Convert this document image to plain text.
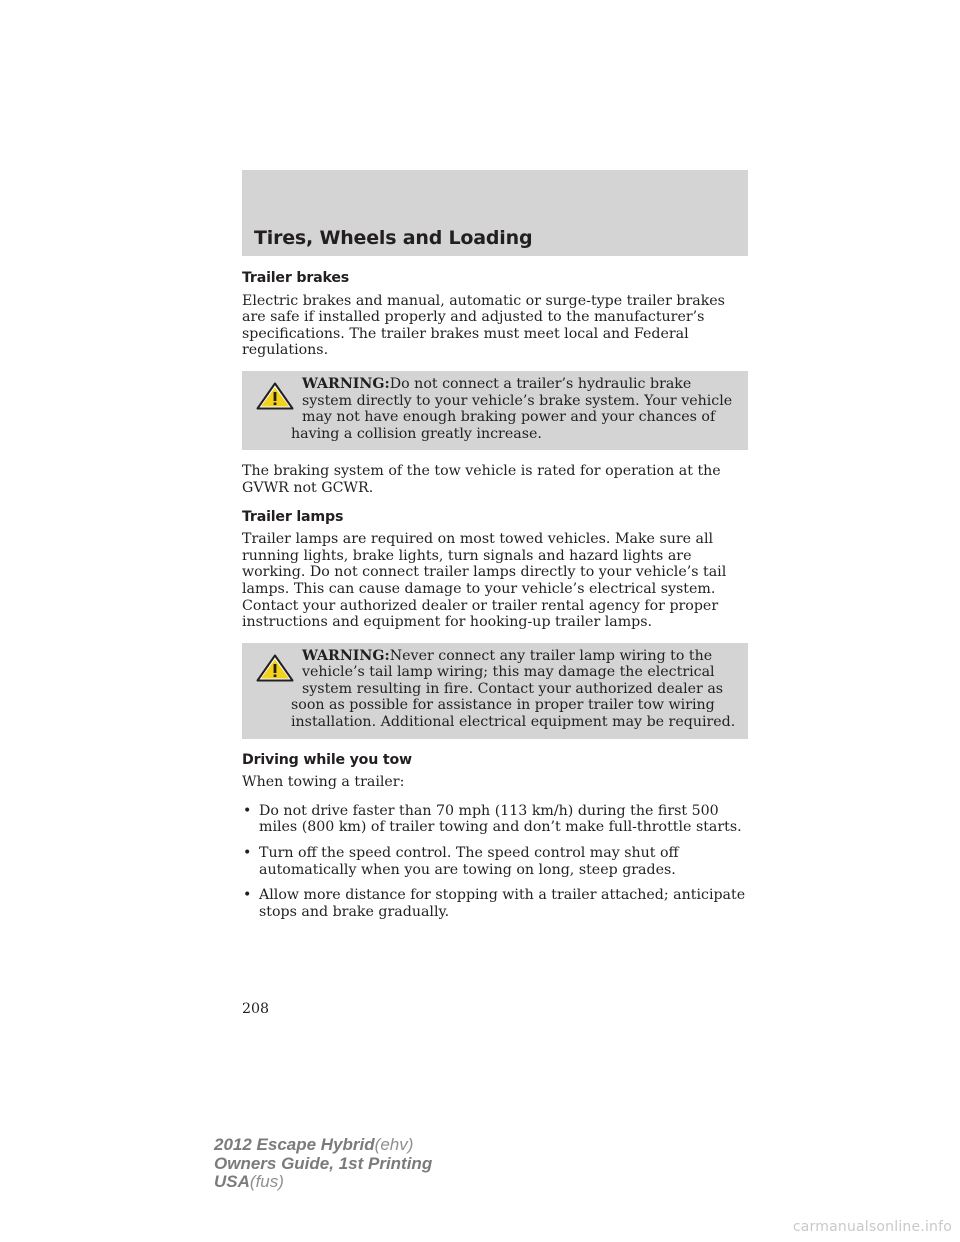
Tires, Wheels and Loading
Trailer brakes

Electric brakes and manual, automatic or surge-type trailer brakes are safe if installed properly and adjusted to the manufacturer’s specifications. The trailer brakes must meet local and Federal regulations.

WARNING:Do not connect a trailer’s hydraulic brake system directly to your vehicle’s brake system. Your vehicle may not have enough braking power and your chances of having a collision greatly increase.

The braking system of the tow vehicle is rated for operation at the GVWR not GCWR.

Trailer lamps

Trailer lamps are required on most towed vehicles. Make sure all running lights, brake lights, turn signals and hazard lights are working. Do not connect trailer lamps directly to your vehicle’s tail lamps. This can cause damage to your vehicle’s electrical system. Contact your authorized dealer or trailer rental agency for proper instructions and equipment for hooking-up trailer lamps.

WARNING:Never connect any trailer lamp wiring to the vehicle’s tail lamp wiring; this may damage the electrical system resulting in fire. Contact your authorized dealer as soon as possible for assistance in proper trailer tow wiring installation. Additional electrical equipment may be required.
Driving while you tow

When towing a trailer:

• Do not drive faster than 70 mph (113 km/h) during the first 500 miles (800 km) of trailer towing and don’t make full-throttle starts.
• Turn off the speed control. The speed control may shut off automatically when you are towing on long, steep grades.
• Allow more distance for stopping with a trailer attached; anticipate stops and brake gradually.
208
2012 Escape Hybrid(ehv)
Owners Guide, 1st Printing
USA(fus)
carmanualsonline.info
